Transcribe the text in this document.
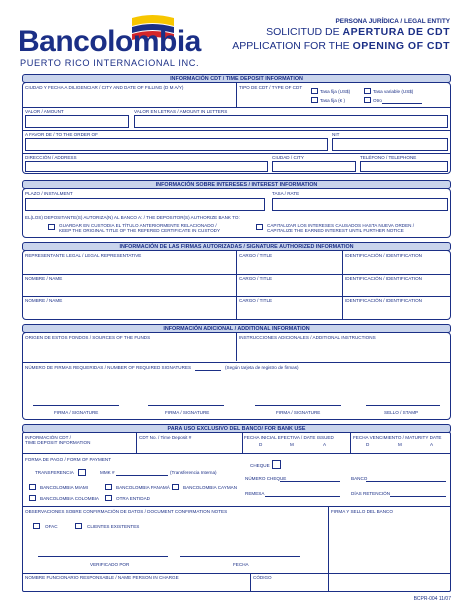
Bancolombia
PUERTO RICO INTERNACIONAL INC.
PERSONA JURÍDICA / LEGAL ENTITY
SOLICITUD DE APERTURA DE CDT
APPLICATION FOR THE OPENING OF CDT
INFORMACIÓN CDT / TIME DEPOSIT INFORMATION
CIUDAD Y FECHA A DILIGENCIAR / CITY AND DATE OF FILLING (D M A/Y)	TIPO DE CDT / TYPE OF CDT
Tasa fija (US$)	Tasa variable (US$)
Tasa fija (€ )	Otro
VALOR / AMOUNT	VALOR EN LETRAS / AMOUNT IN LETTERS
A FAVOR DE / TO THE ORDER OF	NIT
DIRECCIÓN / ADDRESS	CIUDAD / CITY	TELÉFONO / TELEPHONE
INFORMACIÓN SOBRE INTERESES / INTEREST INFORMATION
PLAZO / INSTALMENT	TASA / RATE
EL(LOS) DEPOSITANTE(S) AUTORIZA(N) AL BANCO A: / THE DEPOSITOR(S) AUTHORIZE BANK TO:
GUARDAR EN CUSTODIA EL TÍTULO ANTERIORMENTE RELACIONADO /
KEEP THE ORIGINAL TITLE OF THE REFERED CERTIFICATE IN CUSTODY
CAPITALIZAR LOS INTERESES CAUSADOS HASTA NUEVA ORDEN /
CAPITALIZE THE EARNED INTEREST UNTIL FURTHER NOTICE
INFORMACIÓN DE LAS FIRMAS AUTORIZADAS / SIGNATURE AUTHORIZED INFORMATION
REPRESENTANTE LEGAL / LEGAL REPRESENTATIVE	CARGO / TITLE	IDENTIFICACIÓN / IDENTIFICATION
NOMBRE / NAME	CARGO / TITLE	IDENTIFICACIÓN / IDENTIFICATION
NOMBRE / NAME	CARGO / TITLE	IDENTIFICACIÓN / IDENTIFICATION
INFORMACIÓN ADICIONAL / ADDITIONAL INFORMATION
ORIGEN DE ESTOS FONDOS / SOURCES OF THE FUNDS	INSTRUCCIONES ADICIONALES / ADDITIONAL INSTRUCTIONS
NÚMERO DE FIRMAS REQUERIDAS / NUMBER OF REQUIRED SIGNATURES	(Según tarjeta de registro de firmas)
FIRMA / SIGNATURE	FIRMA / SIGNATURE	FIRMA / SIGNATURE	SELLO / STAMP
PARA USO EXCLUSIVO DEL BANCO/ FOR BANK USE
INFORMACIÓN CDT /
TIME DEPOSIT INFORMATION
CDT No. / Time Deposit #	FECHA INICIAL EFECTIVA / DATE ISSUED
D	M	A
FECHA VENCIMIENTO / MATURITY DATE
D	M	A
FORMA DE PAGO / FORM OF PAYMENT
TRANSFERENCIA	MMK #	(Transferencia Interna)
CHEQUE
NÚMERO CHEQUE	BANCO
BANCOLOMBIA MIAMI	BANCOLOMBIA PANAMÁ	BANCOLOMBIA CAYMAN
REMESA	DÍAS RETENCIÓN
BANCOLOMBIA COLOMBIA	OTRA ENTIDAD
OBSERVACIONES SOBRE CONFIRMACIÓN DE DATOS / DOCUMENT CONFIRMATION NOTES
OFAC	CLIENTES EXISTENTES
VERIFICADO POR	FECHA
FIRMA Y SELLO DEL BANCO
NOMBRE FUNCIONARIO RESPONSABLE / NAME PERSON IN CHARGE	CÓDIGO
BCPR-004 11/07
